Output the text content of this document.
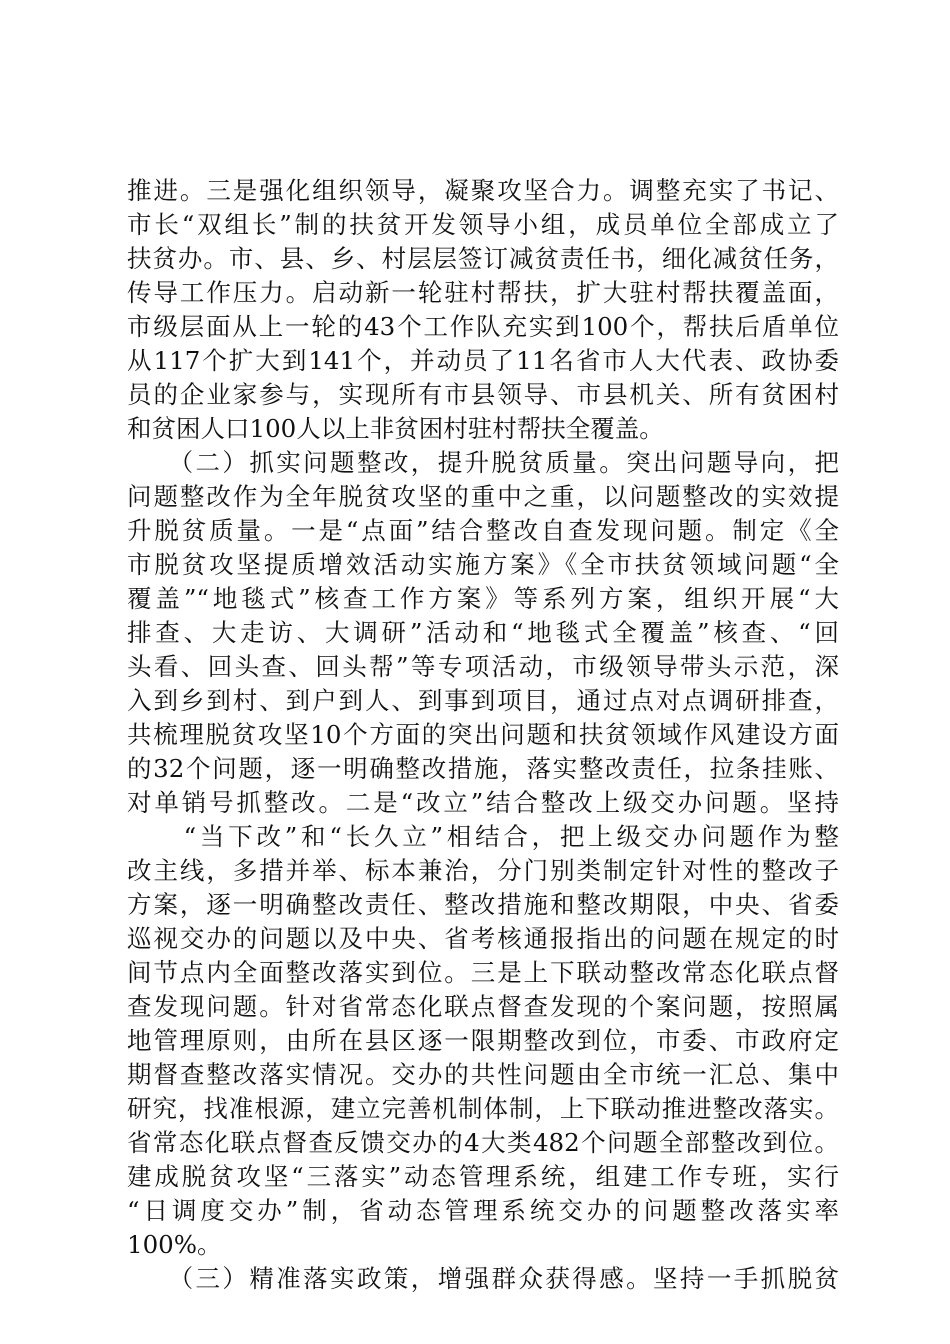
推进。三是强化组织领导，凝聚攻坚合力。调整充实了书记、
市长“双组长”制的扶贫开发领导小组，成员单位全部成立了
扶贫办。市、县、乡、村层层签订减贫责任书，细化减贫任务，
传导工作压力。启动新一轮驻村帮扶，扩大驻村帮扶覆盖面，
市级层面从上一轮的43个工作队充实到100个，帮扶后盾单位
从117个扩大到141个，并动员了11名省市人大代表、政协委
员的企业家参与，实现所有市县领导、市县机关、所有贫困村
和贫困人口100人以上非贫困村驻村帮扶全覆盖。
　　（二）抓实问题整改，提升脱贫质量。突出问题导向，把
问题整改作为全年脱贫攻坚的重中之重，以问题整改的实效提
升脱贫质量。一是“点面”结合整改自查发现问题。制定《全
市脱贫攻坚提质增效活动实施方案》《全市扶贫领域问题“全
覆盖”“地毯式”核查工作方案》等系列方案，组织开展“大
排查、大走访、大调研”活动和“地毯式全覆盖”核查、“回
头看、回头查、回头帮”等专项活动，市级领导带头示范，深
入到乡到村、到户到人、到事到项目，通过点对点调研排查，
共梳理脱贫攻坚10个方面的突出问题和扶贫领域作风建设方面
的32个问题，逐一明确整改措施，落实整改责任，拉条挂账、
对单销号抓整改。二是“改立”结合整改上级交办问题。坚持
　　“当下改”和“长久立”相结合，把上级交办问题作为整
改主线，多措并举、标本兼治，分门别类制定针对性的整改子
方案，逐一明确整改责任、整改措施和整改期限，中央、省委
巡视交办的问题以及中央、省考核通报指出的问题在规定的时
间节点内全面整改落实到位。三是上下联动整改常态化联点督
查发现问题。针对省常态化联点督查发现的个案问题，按照属
地管理原则，由所在县区逐一限期整改到位，市委、市政府定
期督查整改落实情况。交办的共性问题由全市统一汇总、集中
研究，找准根源，建立完善机制体制，上下联动推进整改落实。
省常态化联点督查反馈交办的4大类482个问题全部整改到位。
建成脱贫攻坚“三落实”动态管理系统，组建工作专班，实行
“日调度交办”制，省动态管理系统交办的问题整改落实率
100%。
　　（三）精准落实政策，增强群众获得感。坚持一手抓脱贫
